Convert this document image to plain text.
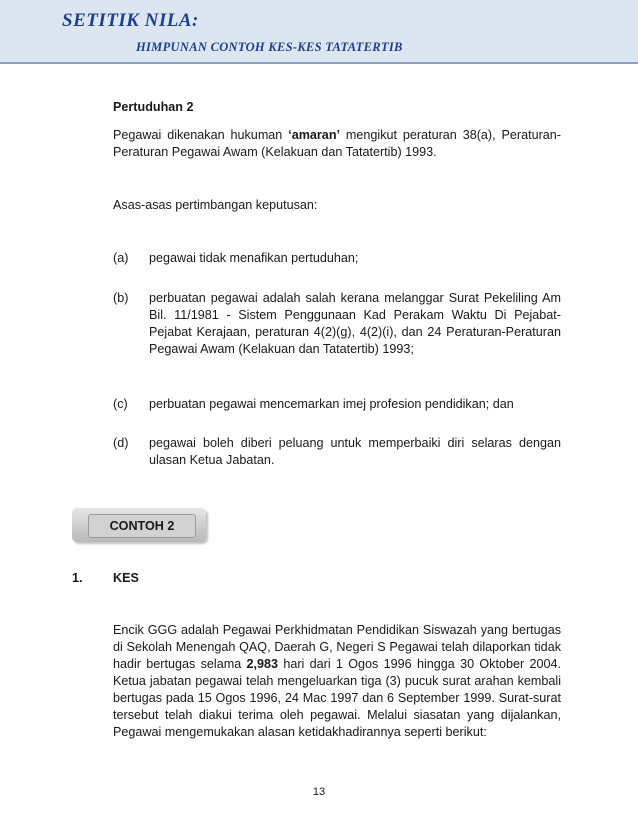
SETITIK NILA:
HIMPUNAN CONTOH KES-KES TATATERTIB
Pertuduhan 2
Pegawai dikenakan hukuman ‘amaran’ mengikut peraturan 38(a), Peraturan-Peraturan Pegawai Awam (Kelakuan dan Tatatertib) 1993.
Asas-asas pertimbangan keputusan:
(a) pegawai tidak menafikan pertuduhan;
(b) perbuatan pegawai adalah salah kerana melanggar Surat Pekeliling Am Bil. 11/1981 - Sistem Penggunaan Kad Perakam Waktu Di Pejabat-Pejabat Kerajaan, peraturan 4(2)(g), 4(2)(i), dan 24 Peraturan-Peraturan Pegawai Awam (Kelakuan dan Tatatertib) 1993;
(c) perbuatan pegawai mencemarkan imej profesion pendidikan; dan
(d) pegawai boleh diberi peluang untuk memperbaiki diri selaras dengan ulasan Ketua Jabatan.
CONTOH 2
1. KES
Encik GGG adalah Pegawai Perkhidmatan Pendidikan Siswazah yang bertugas di Sekolah Menengah QAQ, Daerah G, Negeri S Pegawai telah dilaporkan tidak hadir bertugas selama 2,983 hari dari 1 Ogos 1996 hingga 30 Oktober 2004. Ketua jabatan pegawai telah mengeluarkan tiga (3) pucuk surat arahan kembali bertugas pada 15 Ogos 1996, 24 Mac 1997 dan 6 September 1999. Surat-surat tersebut telah diakui terima oleh pegawai. Melalui siasatan yang dijalankan, Pegawai mengemukakan alasan ketidakhadirannya seperti berikut:
13
